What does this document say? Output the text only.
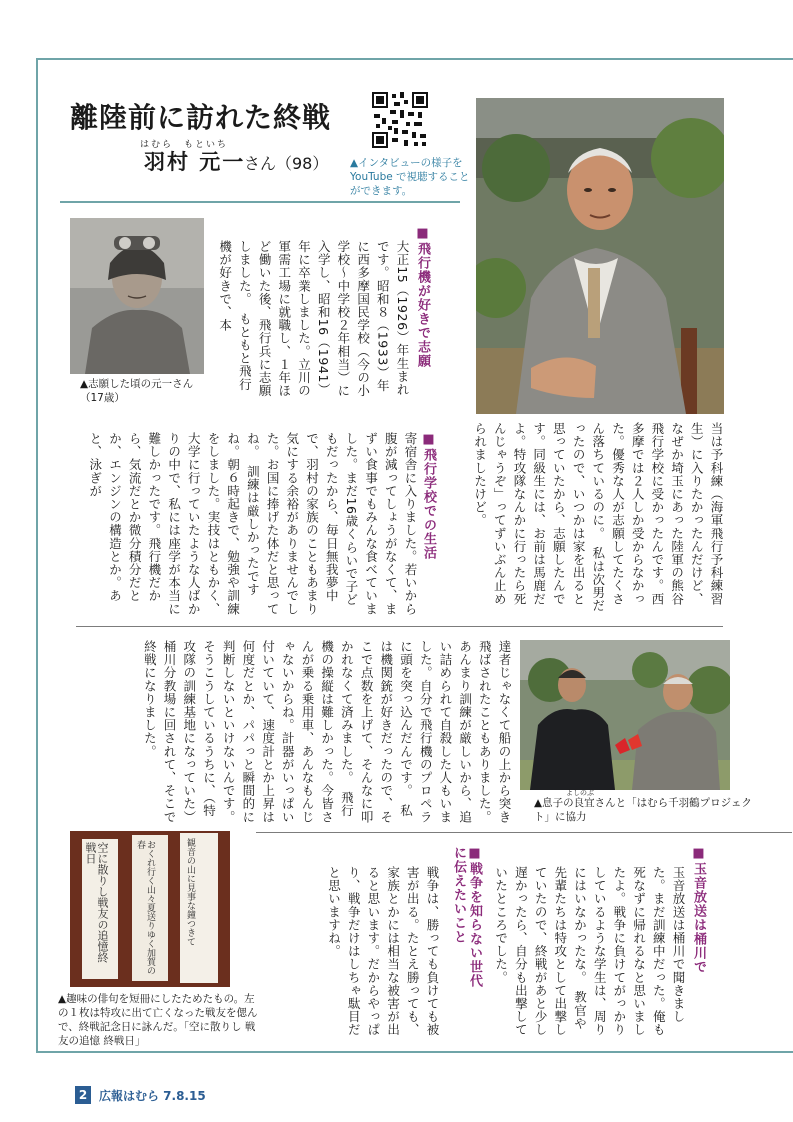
離陸前に訪れた終戦
はむら　もといち
羽村 元一
さん（98） ▲インタビューの様子を YouTube で視聴することができます。
▲志願した頃の元一さん（17歳）
■飛行機が好きで志願
大正15（1926）年生まれです。昭和８（1933）年に西多摩国民学校（今の小学校～中学校２年相当）に入学し、昭和16（1941）年に卒業しました。立川の軍需工場に就職し、１年ほど働いた後、飛行兵に志願しました。　もともと飛行機が好きで、本
当は予科練（海軍飛行予科練習生）に入りたかったんだけど、なぜか埼玉にあった陸軍の熊谷飛行学校に受かったんです。西多摩では２人しか受からなかった。優秀な人が志願してたくさん落ちているのに。　私は次男だったので、いつかは家を出ると思っていたから、志願したんです。同級生には、お前は馬鹿だよ。特攻隊なんかに行ったら死んじゃうぞ」ってずいぶん止められましたけど。
■飛行学校での生活
寄宿舎に入りました。若いから腹が減ってしょうがなくて、まずい食事でもみんな食べていました。まだ16歳くらいで子どもだったから、毎日無我夢中で、羽村の家族のこともあまり気にする余裕がありませんでした。お国に捧げた体だと思ってね。　訓練は厳しかったですね。朝６時起きで、勉強や訓練をしました。実技はともかく、大学に行っていたような人ばかりの中で、私には座学が本当に難しかったです。飛行機だから、気流だとか微分積分だとか、エンジンの構造とか。あと、泳ぎが
達者じゃなくて船の上から突き飛ばされたこともありました。あんまり訓練が厳しいから、追い詰められて自殺した人もいました。自分で飛行機のプロペラに頭を突っ込んだんです。　私は機関銃が好きだったので、そこで点数を上げて、そんなに叩かれなくて済みました。　飛行機の操縦は難しかった。今皆さんが乗る乗用車、あんなもんじゃないからね。計器がいっぱい付いていて、速度計とか上昇は何度だとか、パパっと瞬間的に判断しないといけないんです。　そうこうしているうちに、（特攻隊の訓練基地になっていた）桶川分教場に回されて、そこで終戦になりました。
▲息子の良宜さんと「はむら千羽鶴プロジェクト」に協力
よしのぶ
■玉音放送は桶川で
玉音放送は桶川で聞きました。まだ訓練中だった。俺も死なずに帰れるなと思いましたよ。戦争に負けてがっかりしているような学生は、周りにはいなかったな。　教官や先輩たちは特攻として出撃していたので、終戦があと少し遅かったら、自分も出撃していたところでした。
■戦争を知らない世代に伝えたいこと
戦争は、勝っても負けても被害が出る。たとえ勝っても、家族とかには相当な被害が出ると思います。だからやっぱり、戦争だけはしちゃ駄目だと思いますね。
空に散りし戦友の追憶終戦日	おくれ行く山々夏送りゆく加賀の春	観音の山に見事な鐘つきて
▲趣味の俳句を短冊にしたためたもの。左の１枚は特攻に出て亡くなった戦友を偲んで、終戦記念日に詠んだ。「空に散りし 戦友の追憶 終戦日」
2 広報はむら 7.8.15
